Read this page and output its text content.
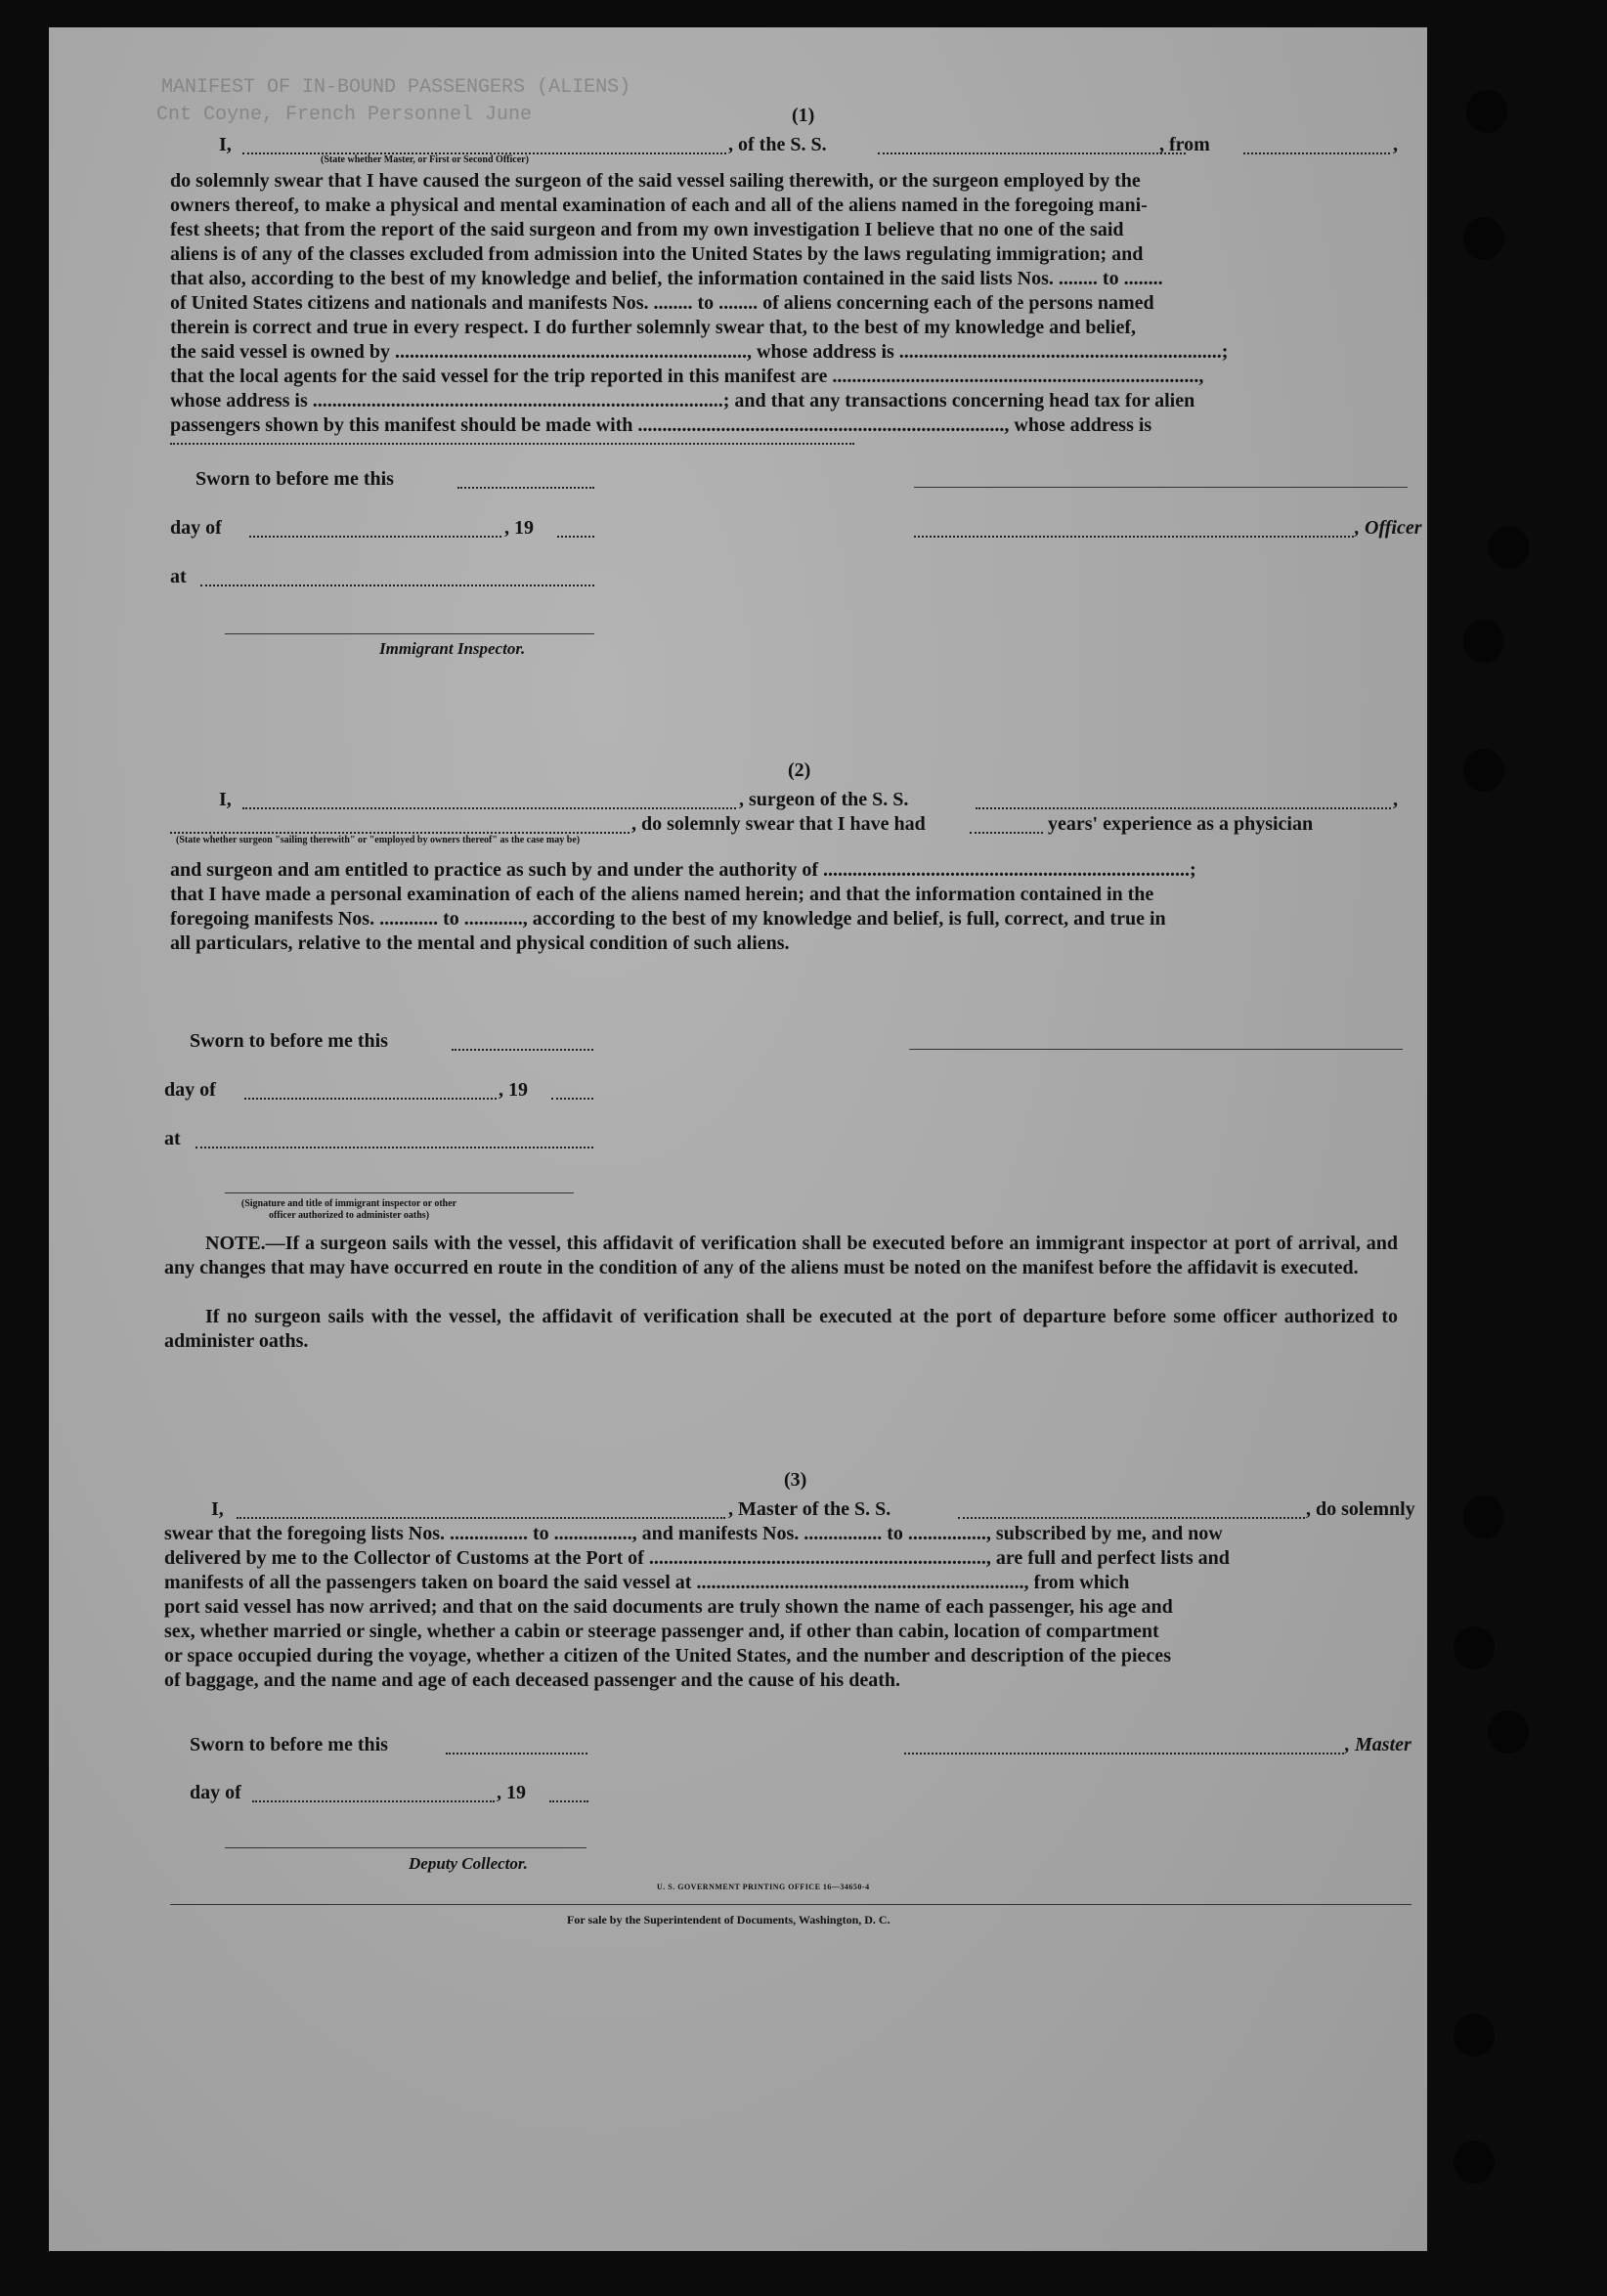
MANIFEST OF IN-BOUND PASSENGERS (ALIENS)
Cnt Coyne, French Personnel June	(1)
I,	, of the S. S.	, from	,
(State whether Master, or First or Second Officer)
do solemnly swear that I have caused the surgeon of the said vessel sailing therewith, or the surgeon employed by the
owners thereof, to make a physical and mental examination of each and all of the aliens named in the foregoing mani-
fest sheets; that from the report of the said surgeon and from my own investigation I believe that no one of the said
aliens is of any of the classes excluded from admission into the United States by the laws regulating immigration; and
that also, according to the best of my knowledge and belief, the information contained in the said lists Nos. ........ to ........
of United States citizens and nationals and manifests Nos. ........ to ........ of aliens concerning each of the persons named
therein is correct and true in every respect. I do further solemnly swear that, to the best of my knowledge and belief,
the said vessel is owned by ........................................................................, whose address is ..................................................................;
that the local agents for the said vessel for the trip reported in this manifest are ...........................................................................,
whose address is ....................................................................................; and that any transactions concerning head tax for alien
passengers shown by this manifest should be made with ..........................................................................., whose address is
Sworn to before me this
day of	, 19	, Officer
at
Immigrant Inspector.
(2)
I,	, surgeon of the S. S.	,
, do solemnly swear that I have had	years' experience as a physician
(State whether surgeon "sailing therewith" or "employed by owners thereof" as the case may be)
and surgeon and am entitled to practice as such by and under the authority of ...........................................................................;
that I have made a personal examination of each of the aliens named herein; and that the information contained in the
foregoing manifests Nos. ............ to ............, according to the best of my knowledge and belief, is full, correct, and true in
all particulars, relative to the mental and physical condition of such aliens.
Sworn to before me this
day of	, 19
at
(Signature and title of immigrant inspector or other officer authorized to administer oaths)
NOTE.—If a surgeon sails with the vessel, this affidavit of verification shall be executed before an immigrant inspector at port of arrival, and any changes that may have occurred en route in the condition of any of the aliens must be noted on the manifest before the affidavit is executed.
If no surgeon sails with the vessel, the affidavit of verification shall be executed at the port of departure before some officer authorized to administer oaths.
(3)
I,	, Master of the S. S.	, do solemnly
swear that the foregoing lists Nos. ................ to ................, and manifests Nos. ................ to ................, subscribed by me, and now
delivered by me to the Collector of Customs at the Port of ....................................................................., are full and perfect lists and
manifests of all the passengers taken on board the said vessel at ..................................................................., from which
port said vessel has now arrived; and that on the said documents are truly shown the name of each passenger, his age and
sex, whether married or single, whether a cabin or steerage passenger and, if other than cabin, location of compartment
or space occupied during the voyage, whether a citizen of the United States, and the number and description of the pieces
of baggage, and the name and age of each deceased passenger and the cause of his death.
Sworn to before me this	, Master
day of	, 19
Deputy Collector.
U. S. GOVERNMENT PRINTING OFFICE 16—34650-4
For sale by the Superintendent of Documents, Washington, D. C.
